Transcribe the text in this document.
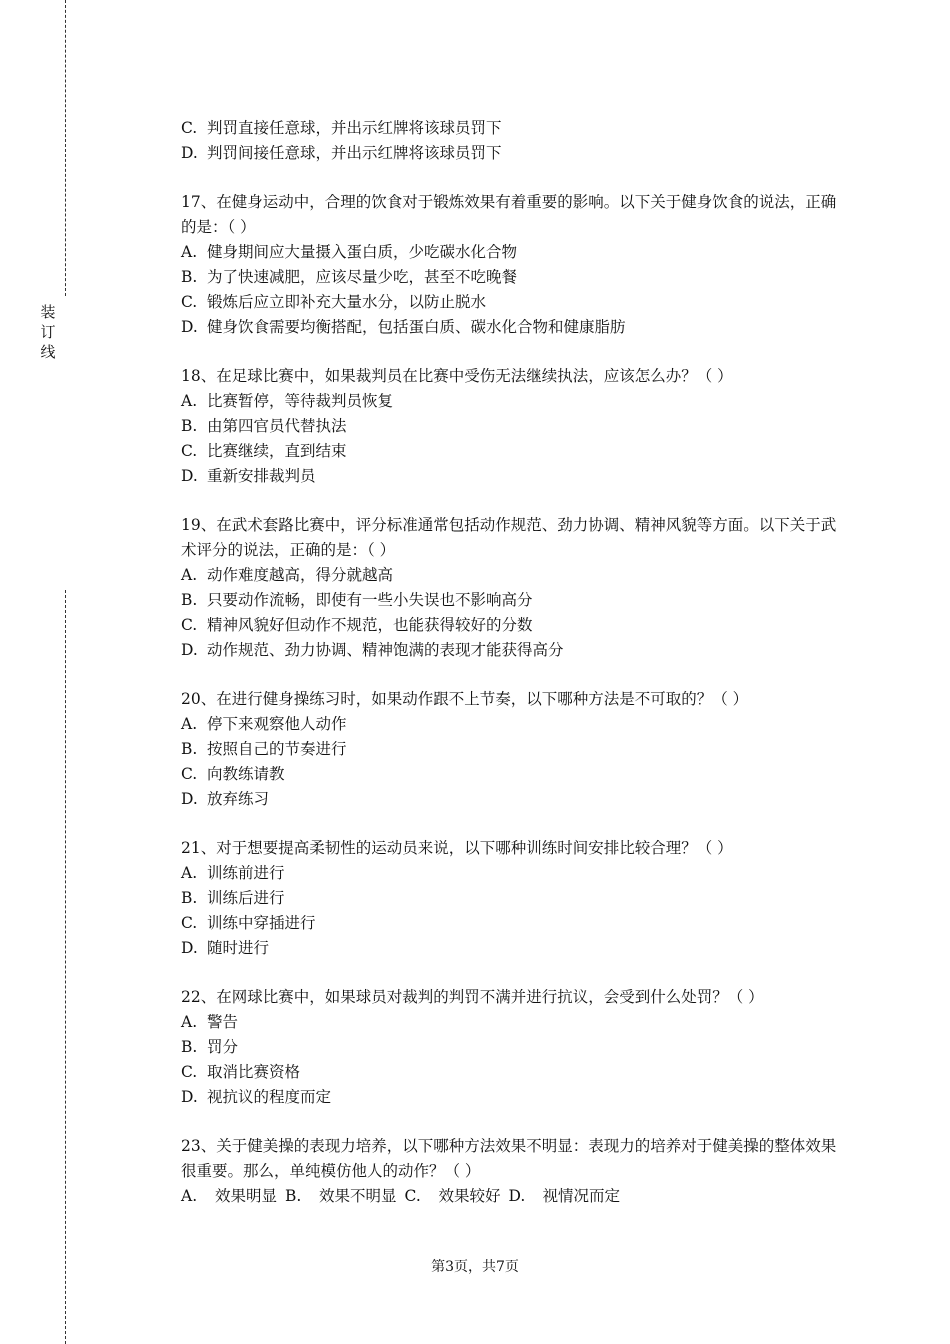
装
订
线

C. 判罚直接任意球，并出示红牌将该球员罚下

D. 判罚间接任意球，并出示红牌将该球员罚下

17、在健身运动中，合理的饮食对于锻炼效果有着重要的影响。以下关于健身饮食的说法，正确的是：（ ）

A. 健身期间应大量摄入蛋白质，少吃碳水化合物

B. 为了快速减肥，应该尽量少吃，甚至不吃晚餐

C. 锻炼后应立即补充大量水分，以防止脱水

D. 健身饮食需要均衡搭配，包括蛋白质、碳水化合物和健康脂肪

18、在足球比赛中，如果裁判员在比赛中受伤无法继续执法，应该怎么办？（ ）

A. 比赛暂停，等待裁判员恢复

B. 由第四官员代替执法

C. 比赛继续，直到结束

D. 重新安排裁判员

19、在武术套路比赛中，评分标准通常包括动作规范、劲力协调、精神风貌等方面。以下关于武术评分的说法，正确的是：（ ）

A. 动作难度越高，得分就越高

B. 只要动作流畅，即使有一些小失误也不影响高分

C. 精神风貌好但动作不规范，也能获得较好的分数

D. 动作规范、劲力协调、精神饱满的表现才能获得高分

20、在进行健身操练习时，如果动作跟不上节奏，以下哪种方法是不可取的？（ ）

A. 停下来观察他人动作

B. 按照自己的节奏进行

C. 向教练请教

D. 放弃练习

21、对于想要提高柔韧性的运动员来说，以下哪种训练时间安排比较合理？（ ）

A. 训练前进行

B. 训练后进行

C. 训练中穿插进行

D. 随时进行

22、在网球比赛中，如果球员对裁判的判罚不满并进行抗议，会受到什么处罚？（ ）

A. 警告

B. 罚分

C. 取消比赛资格

D. 视抗议的程度而定

23、关于健美操的表现力培养，以下哪种方法效果不明显：表现力的培养对于健美操的整体效果很重要。那么，单纯模仿他人的动作？（ ）

A. 效果明显 B. 效果不明显 C. 效果较好 D. 视情况而定

第3页，共7页
